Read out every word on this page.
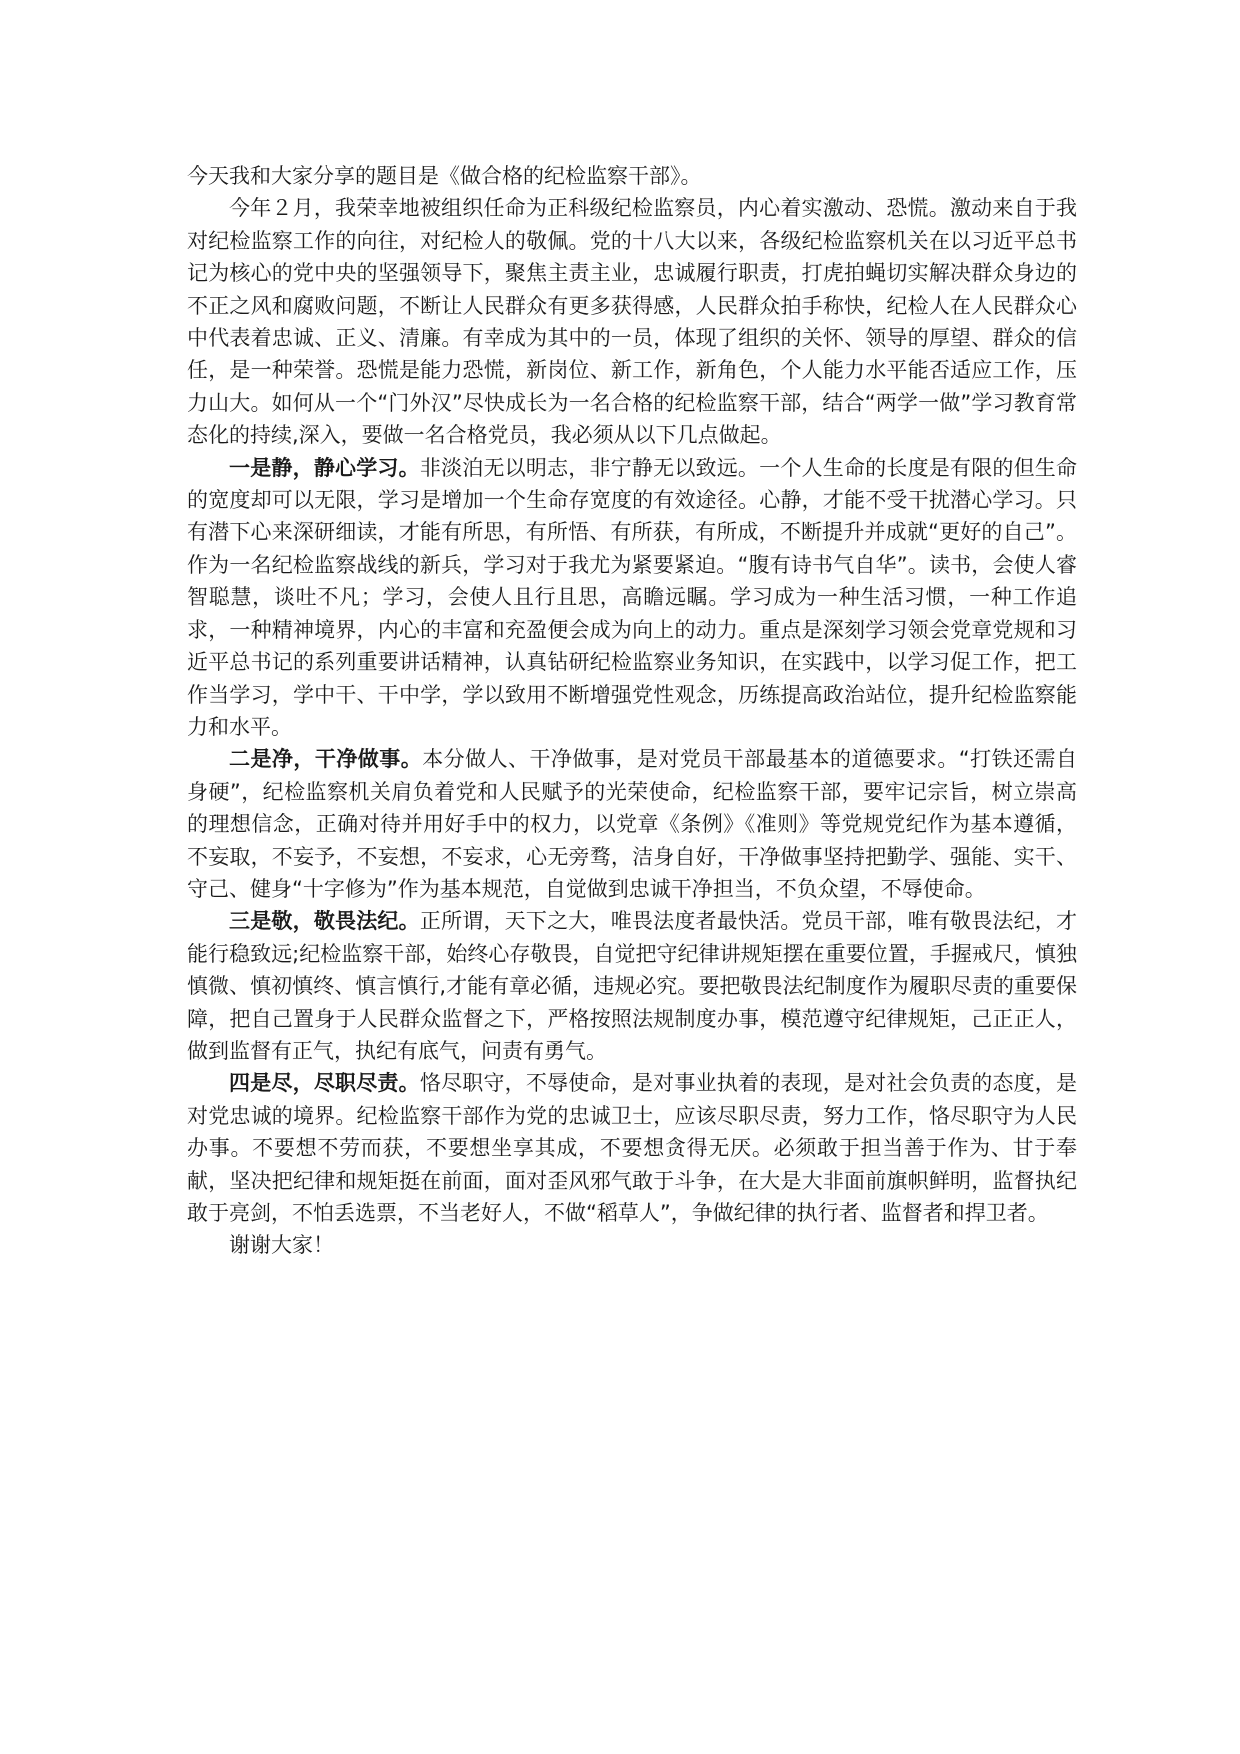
今天我和大家分享的题目是《做合格的纪检监察干部》。

今年２月，我荣幸地被组织任命为正科级纪检监察员，内心着实激动、恐慌。激动来自于我对纪检监察工作的向往，对纪检人的敬佩。党的十八大以来，各级纪检监察机关在以习近平总书记为核心的党中央的坚强领导下，聚焦主责主业，忠诚履行职责，打虎拍蝇切实解决群众身边的不正之风和腐败问题，不断让人民群众有更多获得感，人民群众拍手称快，纪检人在人民群众心中代表着忠诚、正义、清廉。有幸成为其中的一员，体现了组织的关怀、领导的厚望、群众的信任，是一种荣誉。恐慌是能力恐慌，新岗位、新工作，新角色，个人能力水平能否适应工作，压力山大。如何从一个“门外汉”尽快成长为一名合格的纪检监察干部，结合“两学一做”学习教育常态化的持续,深入，要做一名合格党员，我必须从以下几点做起。

一是静，静心学习。非淡泊无以明志，非宁静无以致远。一个人生命的长度是有限的但生命的宽度却可以无限，学习是增加一个生命存宽度的有效途径。心静，才能不受干扰潜心学习。只有潜下心来深研细读，才能有所思，有所悟、有所获，有所成，不断提升并成就“更好的自己”。作为一名纪检监察战线的新兵，学习对于我尤为紧要紧迫。“腹有诗书气自华”。读书，会使人睿智聪慧，谈吐不凡；学习，会使人且行且思，高瞻远瞩。学习成为一种生活习惯，一种工作追求，一种精神境界，内心的丰富和充盈便会成为向上的动力。重点是深刻学习领会党章党规和习近平总书记的系列重要讲话精神，认真钻研纪检监察业务知识，在实践中，以学习促工作，把工作当学习，学中干、干中学，学以致用不断增强党性观念，历练提高政治站位，提升纪检监察能力和水平。

二是净，干净做事。本分做人、干净做事，是对党员干部最基本的道德要求。“打铁还需自身硬”，纪检监察机关肩负着党和人民赋予的光荣使命，纪检监察干部，要牢记宗旨，树立崇高的理想信念，正确对待并用好手中的权力，以党章《条例》《准则》等党规党纪作为基本遵循，不妄取，不妄予，不妄想，不妄求，心无旁骛，洁身自好，干净做事坚持把勤学、强能、实干、守己、健身“十字修为”作为基本规范，自觉做到忠诚干净担当，不负众望，不辱使命。

三是敬，敬畏法纪。正所谓，天下之大，唯畏法度者最快活。党员干部，唯有敬畏法纪，才能行稳致远;纪检监察干部，始终心存敬畏，自觉把守纪律讲规矩摆在重要位置，手握戒尺，慎独慎微、慎初慎终、慎言慎行,才能有章必循，违规必究。要把敬畏法纪制度作为履职尽责的重要保障，把自己置身于人民群众监督之下，严格按照法规制度办事，模范遵守纪律规矩，己正正人，做到监督有正气，执纪有底气，问责有勇气。

四是尽，尽职尽责。恪尽职守，不辱使命，是对事业执着的表现，是对社会负责的态度，是对党忠诚的境界。纪检监察干部作为党的忠诚卫士，应该尽职尽责，努力工作，恪尽职守为人民办事。不要想不劳而获，不要想坐享其成，不要想贪得无厌。必须敢于担当善于作为、甘于奉献，坚决把纪律和规矩挺在前面，面对歪风邪气敢于斗争，在大是大非面前旗帜鲜明，监督执纪敢于亮剑，不怕丢选票，不当老好人，不做“稻草人”，争做纪律的执行者、监督者和捍卫者。

谢谢大家！
